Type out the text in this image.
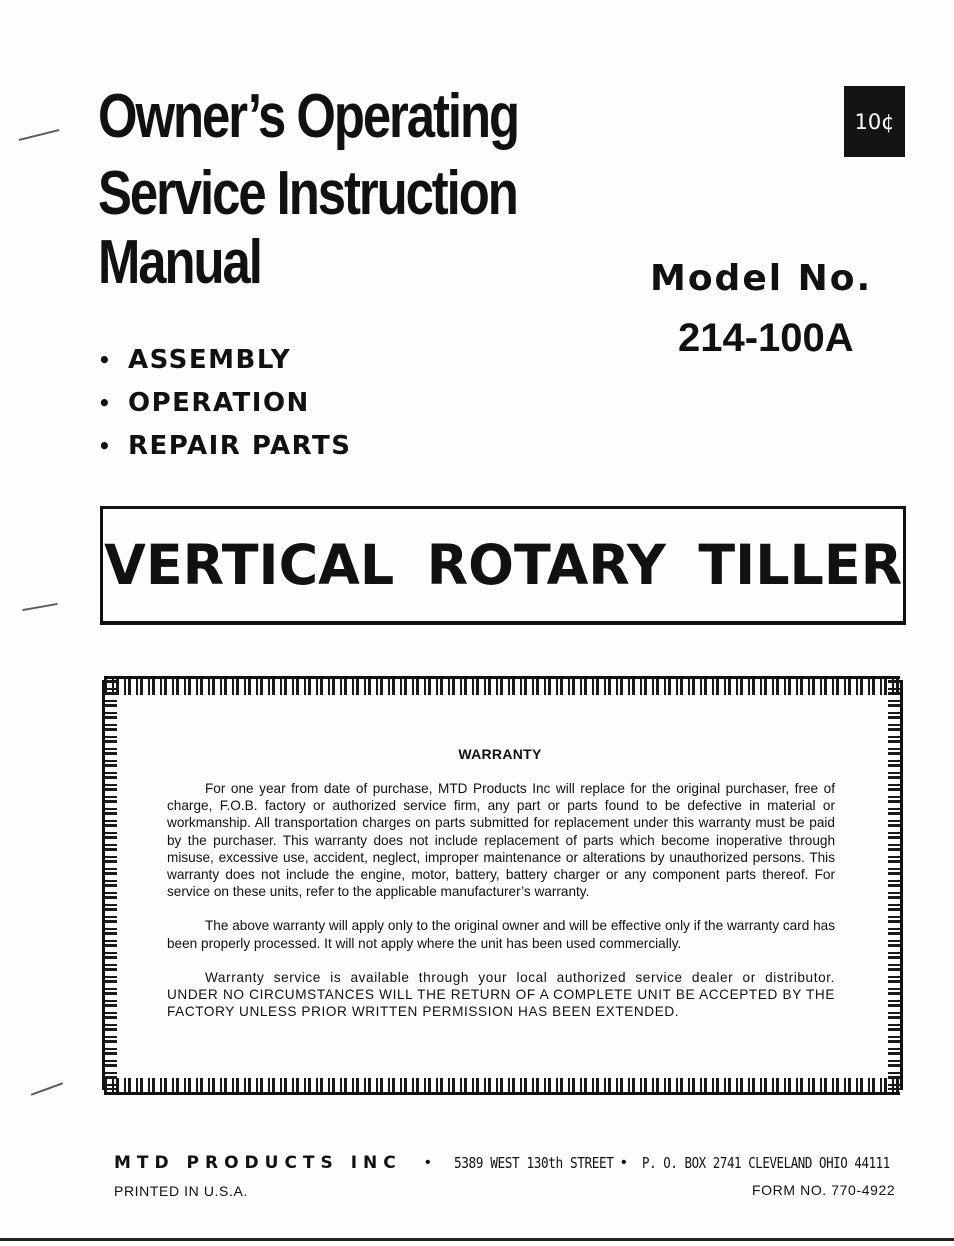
Owner’s Operating
Service Instruction
Manual
10¢
Model No.
214-100A
• ASSEMBLY
• OPERATION
• REPAIR PARTS
VERTICAL ROTARY TILLER
WARRANTY

For one year from date of purchase, MTD Products Inc will replace for the original purchaser, free of charge, F.O.B. factory or authorized service firm, any part or parts found to be defective in material or workmanship. All transportation charges on parts submitted for replacement under this warranty must be paid by the purchaser. This warranty does not include replacement of parts which become inoperative through misuse, excessive use, accident, neglect, improper maintenance or alterations by unauthorized persons. This warranty does not include the engine, motor, battery, battery charger or any component parts thereof. For service on these units, refer to the applicable manufacturer’s warranty.

The above warranty will apply only to the original owner and will be effective only if the warranty card has been properly processed. It will not apply where the unit has been used commercially.

Warranty service is available through your local authorized service dealer or distributor. UNDER NO CIRCUMSTANCES WILL THE RETURN OF A COMPLETE UNIT BE ACCEPTED BY THE FACTORY UNLESS PRIOR WRITTEN PERMISSION HAS BEEN EXTENDED.

MTD PRODUCTS INC • 5389 WEST 130th STREET • P. O. BOX 2741 CLEVELAND OHIO 44111
PRINTED IN U.S.A.	FORM NO. 770-4922
